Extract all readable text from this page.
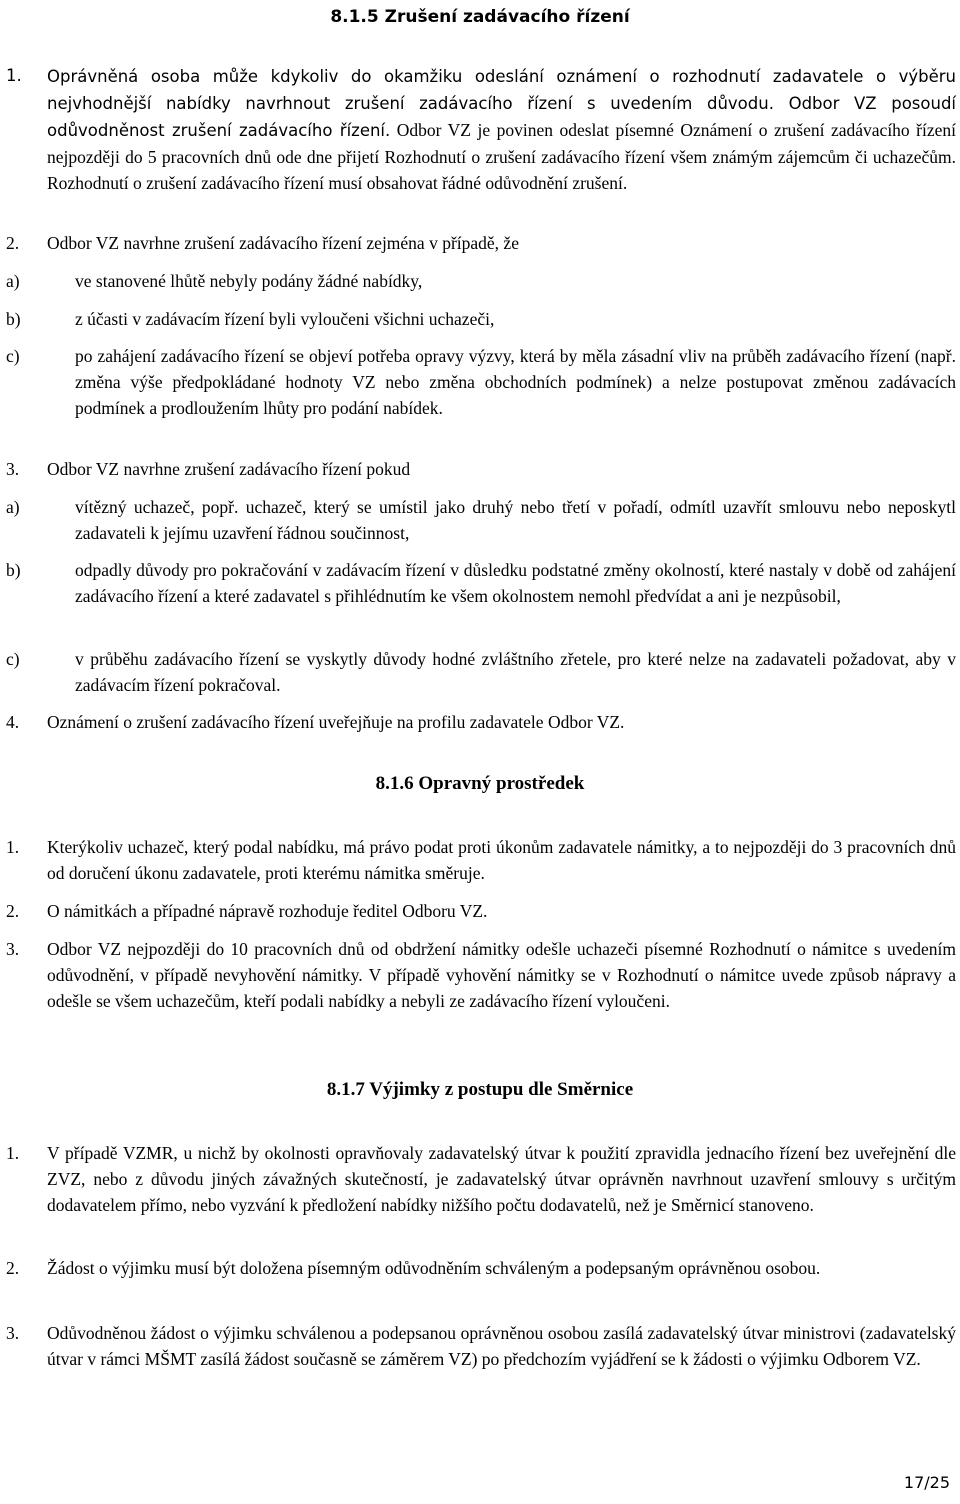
8.1.5 Zrušení zadávacího řízení
1.	Oprávněná osoba může kdykoliv do okamžiku odeslání oznámení o rozhodnutí zadavatele o výběru nejvhodnější nabídky navrhnout zrušení zadávacího řízení s uvedením důvodu. Odbor VZ posoudí odůvodněnost zrušení zadávacího řízení. Odbor VZ je povinen odeslat písemné Oznámení o zrušení zadávacího řízení nejpozději do 5 pracovních dnů ode dne přijetí Rozhodnutí o zrušení zadávacího řízení všem známým zájemcům či uchazečům. Rozhodnutí o zrušení zadávacího řízení musí obsahovat řádné odůvodnění zrušení.
2.	Odbor VZ navrhne zrušení zadávacího řízení zejména v případě, že
a)	ve stanovené lhůtě nebyly podány žádné nabídky,
b)	z účasti v zadávacím řízení byli vyloučeni všichni uchazeči,
c)	po zahájení zadávacího řízení se objeví potřeba opravy výzvy, která by měla zásadní vliv na průběh zadávacího řízení (např. změna výše předpokládané hodnoty VZ nebo změna obchodních podmínek) a nelze postupovat změnou zadávacích podmínek a prodloužením lhůty pro podání nabídek.
3.	Odbor VZ navrhne zrušení zadávacího řízení pokud
a)	vítězný uchazeč, popř. uchazeč, který se umístil jako druhý nebo třetí v pořadí, odmítl uzavřít smlouvu nebo neposkytl zadavateli k jejímu uzavření řádnou součinnost,
b)	odpadly důvody pro pokračování v zadávacím řízení v důsledku podstatné změny okolností, které nastaly v době od zahájení zadávacího řízení a které zadavatel s přihlédnutím ke všem okolnostem nemohl předvídat a ani je nezpůsobil,
c)	v průběhu zadávacího řízení se vyskytly důvody hodné zvláštního zřetele, pro které nelze na zadavateli požadovat, aby v zadávacím řízení pokračoval.
4.	Oznámení o zrušení zadávacího řízení uveřejňuje na profilu zadavatele Odbor VZ.
8.1.6 Opravný prostředek
1.	Kterýkoliv uchazeč, který podal nabídku, má právo podat proti úkonům zadavatele námitky, a to nejpozději do 3 pracovních dnů od doručení úkonu zadavatele, proti kterému námitka směruje.
2.	O námitkách a případné nápravě rozhoduje ředitel Odboru VZ.
3.	Odbor VZ nejpozději do 10 pracovních dnů od obdržení námitky odešle uchazeči písemné Rozhodnutí o námitce s uvedením odůvodnění, v případě nevyhovění námitky. V případě vyhovění námitky se v Rozhodnutí o námitce uvede způsob nápravy a odešle se všem uchazečům, kteří podali nabídky a nebyli ze zadávacího řízení vyloučeni.
8.1.7 Výjimky z postupu dle Směrnice
1.	V případě VZMR, u nichž by okolnosti opravňovaly zadavatelský útvar k použití zpravidla jednacího řízení bez uveřejnění dle ZVZ, nebo z důvodu jiných závažných skutečností, je zadavatelský útvar oprávněn navrhnout uzavření smlouvy s určitým dodavatelem přímo, nebo vyzvání k předložení nabídky nižšího počtu dodavatelů, než je Směrnicí stanoveno.
2.	Žádost o výjimku musí být doložena písemným odůvodněním schváleným a podepsaným oprávněnou osobou.
3.	Odůvodněnou žádost o výjimku schválenou a podepsanou oprávněnou osobou zasílá zadavatelský útvar ministrovi (zadavatelský útvar v rámci MŠMT zasílá žádost současně se záměrem VZ) po předchozím vyjádření se k žádosti o výjimku Odborem VZ.
17/25
